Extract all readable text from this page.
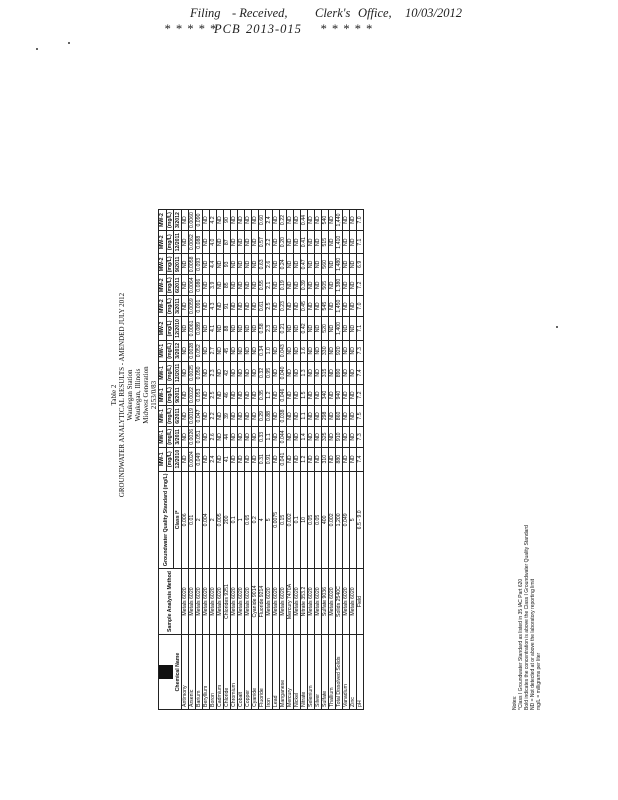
Filing - Received, Clerk's Office, 10/03/2012
* * * * *
PCB 2013-015 * * * * *
Table 2 GROUNDWATER ANALYTICAL RESULTS - AMENDED JULY 2012 Waukegan Station Waukegan, Illinois Midwest Generation 2153/0/83

Chemical Name	Sample Analysis Method	Groundwater Quality Standard (mg/L)	MW-1	MW-1	MW-1	MW-1	MW-1	MW-1	MW-2	MW-2	MW-2	MW-2	MW-2	MW-2
			(mg/L)	(mg/L)	(mg/L)	(mg/L)	(mg/L)	(mg/L)	(mg/L)	(mg/L)	(mg/L)	(mg/L)	(mg/L)	(mg/L)
		Class I*	12/2010	3/2011	6/2011	9/2011	12/2011	3/2012	12/2010	3/2011	6/2011	9/2011	12/2011	3/2012
Antimony	Metals 6020	0.006	ND	ND	ND	ND	ND	ND	ND	ND	ND	ND	ND	ND
Arsenic	Metals 6020	0.01	0.0024	0.0026	0.0019	0.0022	0.0025	0.0028	0.0061	0.0059	0.0064	0.0058	0.0062	0.0060
Barium	Metals 6020	2	0.049	0.051	0.047	0.053	0.050	0.052	0.089	0.091	0.086	0.093	0.088	0.090
Beryllium	Metals 6020	0.004	ND	ND	ND	ND	ND	ND	ND	ND	ND	ND	ND	ND
Boron	Metals 6020	2	2.4	2.6	2.2	2.5	2.3	2.7	4.1	4.3	3.9	4.4	4.0	4.2
Cadmium	Metals 6020	0.005	ND	ND	ND	ND	ND	ND	ND	ND	ND	ND	ND	ND
Chloride	Chlorides 9251	200	41	44	39	46	42	45	88	91	85	93	87	90
Chromium	Metals 6020	0.1	ND	ND	ND	ND	ND	ND	ND	ND	ND	ND	ND	ND
Cobalt	Metals 6020	1	ND	ND	ND	ND	ND	ND	ND	ND	ND	ND	ND	ND
Copper	Metals 6020	0.65	ND	ND	ND	ND	ND	ND	ND	ND	ND	ND	ND	ND
Cyanide	Cyanide 9014	0.2	ND	ND	ND	ND	ND	ND	ND	ND	ND	ND	ND	ND
Fluoride	Fluoride 9214	4	0.31	0.33	0.29	0.35	0.32	0.34	0.58	0.61	0.55	0.63	0.57	0.60
Iron	Metals 6020	5	0.91	1.1	0.88	1.2	0.95	1.0	2.3	2.5	2.1	2.6	2.2	2.4
Lead	Metals 6020	0.0075	ND	ND	ND	ND	ND	ND	ND	ND	ND	ND	ND	ND
Manganese	Metals 6020	0.15	0.041	0.044	0.038	0.046	0.040	0.043	0.21	0.23	0.19	0.24	0.20	0.22
Mercury	Mercury 7470A	0.002	ND	ND	ND	ND	ND	ND	ND	ND	ND	ND	ND	ND
Nickel	Metals 6020	0.1	ND	ND	ND	ND	ND	ND	ND	ND	ND	ND	ND	ND
Nitrate	Nitrate 353.2	10	1.2	1.4	1.1	1.5	1.3	1.6	0.42	0.45	0.39	0.47	0.41	0.44
Selenium	Metals 6020	0.05	ND	ND	ND	ND	ND	ND	ND	ND	ND	ND	ND	ND
Silver	Metals 6020	0.05	ND	ND	ND	ND	ND	ND	ND	ND	ND	ND	ND	ND
Sulfate	Sulfate 9036	400	310	325	298	340	315	330	520	545	505	560	515	540
Thallium	Metals 6020	0.002	ND	ND	ND	ND	ND	ND	ND	ND	ND	ND	ND	ND
Total Dissolved Solids	Solids 2540C	1,200	880	910	860	940	890	920	1,400	1,450	1,380	1,480	1,410	1,440
Vanadium	Metals 6020	0.049	ND	ND	ND	ND	ND	ND	ND	ND	ND	ND	ND	ND
Zinc	Metals 6020	5	ND	ND	ND	ND	ND	ND	ND	ND	ND	ND	ND	ND
pH	Field	6.5 - 9.0	7.4	7.3	7.5	7.2	7.4	7.3	7.1	7.0	7.2	6.9	7.1	7.0
Notes: *Class I Groundwater Standard as listed in 35 IAC Part 620 Bold indicates the concentration is above the Class I Groundwater Quality Standard ND = Not detected at or above the laboratory reporting limit mg/L = milligrams per liter
